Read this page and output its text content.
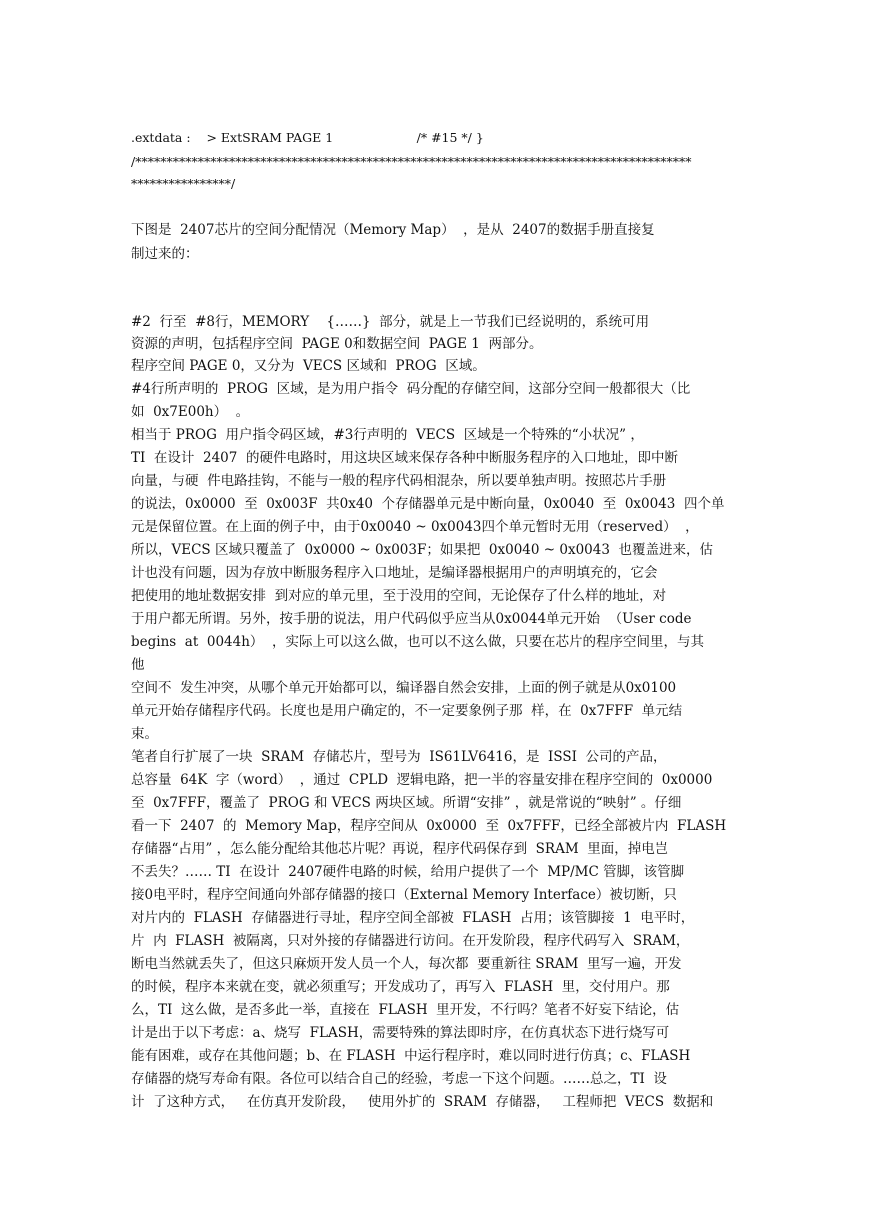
.extdata :    > ExtSRAM PAGE 1                     /* #15 */ }
/*****************************************************************************************
****************/
下图是  2407芯片的空间分配情况（Memory Map）  ，是从  2407的数据手册直接复
制过来的：
#2  行至  #8行，MEMORY    {……}  部分，就是上一节我们已经说明的，系统可用
资源的声明，包括程序空间  PAGE 0和数据空间  PAGE 1  两部分。
程序空间 PAGE 0，又分为  VECS 区域和  PROG  区域。
#4行所声明的  PROG  区域，是为用户指令  码分配的存储空间，这部分空间一般都很大（比
如  0x7E00h）  。
相当于 PROG  用户指令码区域，#3行声明的  VECS  区域是一个特殊的“小状况” ，
TI  在设计  2407  的硬件电路时，用这块区域来保存各种中断服务程序的入口地址，即中断
向量，与硬  件电路挂钩，不能与一般的程序代码相混杂，所以要单独声明。按照芯片手册
的说法，0x0000  至  0x003F  共0x40  个存储器单元是中断向量，0x0040  至  0x0043  四个单
元是保留位置。在上面的例子中，由于0x0040 ~ 0x0043四个单元暂时无用（reserved）  ，
所以，VECS 区域只覆盖了  0x0000 ~ 0x003F；如果把  0x0040 ~ 0x0043  也覆盖进来，估
计也没有问题，因为存放中断服务程序入口地址，是编译器根据用户的声明填充的，它会
把使用的地址数据安排  到对应的单元里，至于没用的空间，无论保存了什么样的地址，对
于用户都无所谓。另外，按手册的说法，用户代码似乎应当从0x0044单元开始  （User code
begins  at  0044h）  ，实际上可以这么做，也可以不这么做，只要在芯片的程序空间里，与其
他
空间不  发生冲突，从哪个单元开始都可以，编译器自然会安排，上面的例子就是从0x0100
单元开始存储程序代码。长度也是用户确定的，不一定要象例子那  样，在  0x7FFF  单元结
束。
笔者自行扩展了一块  SRAM  存储芯片，型号为  IS61LV6416，是  ISSI  公司的产品，
总容量  64K  字（word）  ，通过  CPLD  逻辑电路，把一半的容量安排在程序空间的  0x0000
至  0x7FFF，覆盖了  PROG 和 VECS 两块区域。所谓“安排” ，就是常说的“映射” 。仔细
看一下  2407  的  Memory Map，程序空间从  0x0000  至  0x7FFF，已经全部被片内  FLASH
存储器“占用” ，怎么能分配给其他芯片呢？再说，程序代码保存到  SRAM  里面，掉电岂
不丢失？…… TI  在设计  2407硬件电路的时候，给用户提供了一个  MP/MC 管脚，该管脚
接0电平时，程序空间通向外部存储器的接口（External Memory Interface）被切断，只
对片内的  FLASH  存储器进行寻址，程序空间全部被  FLASH  占用；该管脚接  1  电平时，
片  内  FLASH  被隔离，只对外接的存储器进行访问。在开发阶段，程序代码写入  SRAM，
断电当然就丢失了，但这只麻烦开发人员一个人，每次都  要重新往 SRAM  里写一遍，开发
的时候，程序本来就在变，就必须重写；开发成功了，再写入  FLASH  里，交付用户。那
么，TI  这么做，是否多此一举，直接在  FLASH  里开发，不行吗？笔者不好妄下结论，估
计是出于以下考虑：a、烧写  FLASH，需要特殊的算法即时序，在仿真状态下进行烧写可
能有困难，或存在其他问题；b、在 FLASH  中运行程序时，难以同时进行仿真；c、FLASH
存储器的烧写寿命有限。各位可以结合自己的经验，考虑一下这个问题。……总之，TI  设
计  了这种方式，   在仿真开发阶段，   使用外扩的  SRAM  存储器，   工程师把  VECS  数据和
